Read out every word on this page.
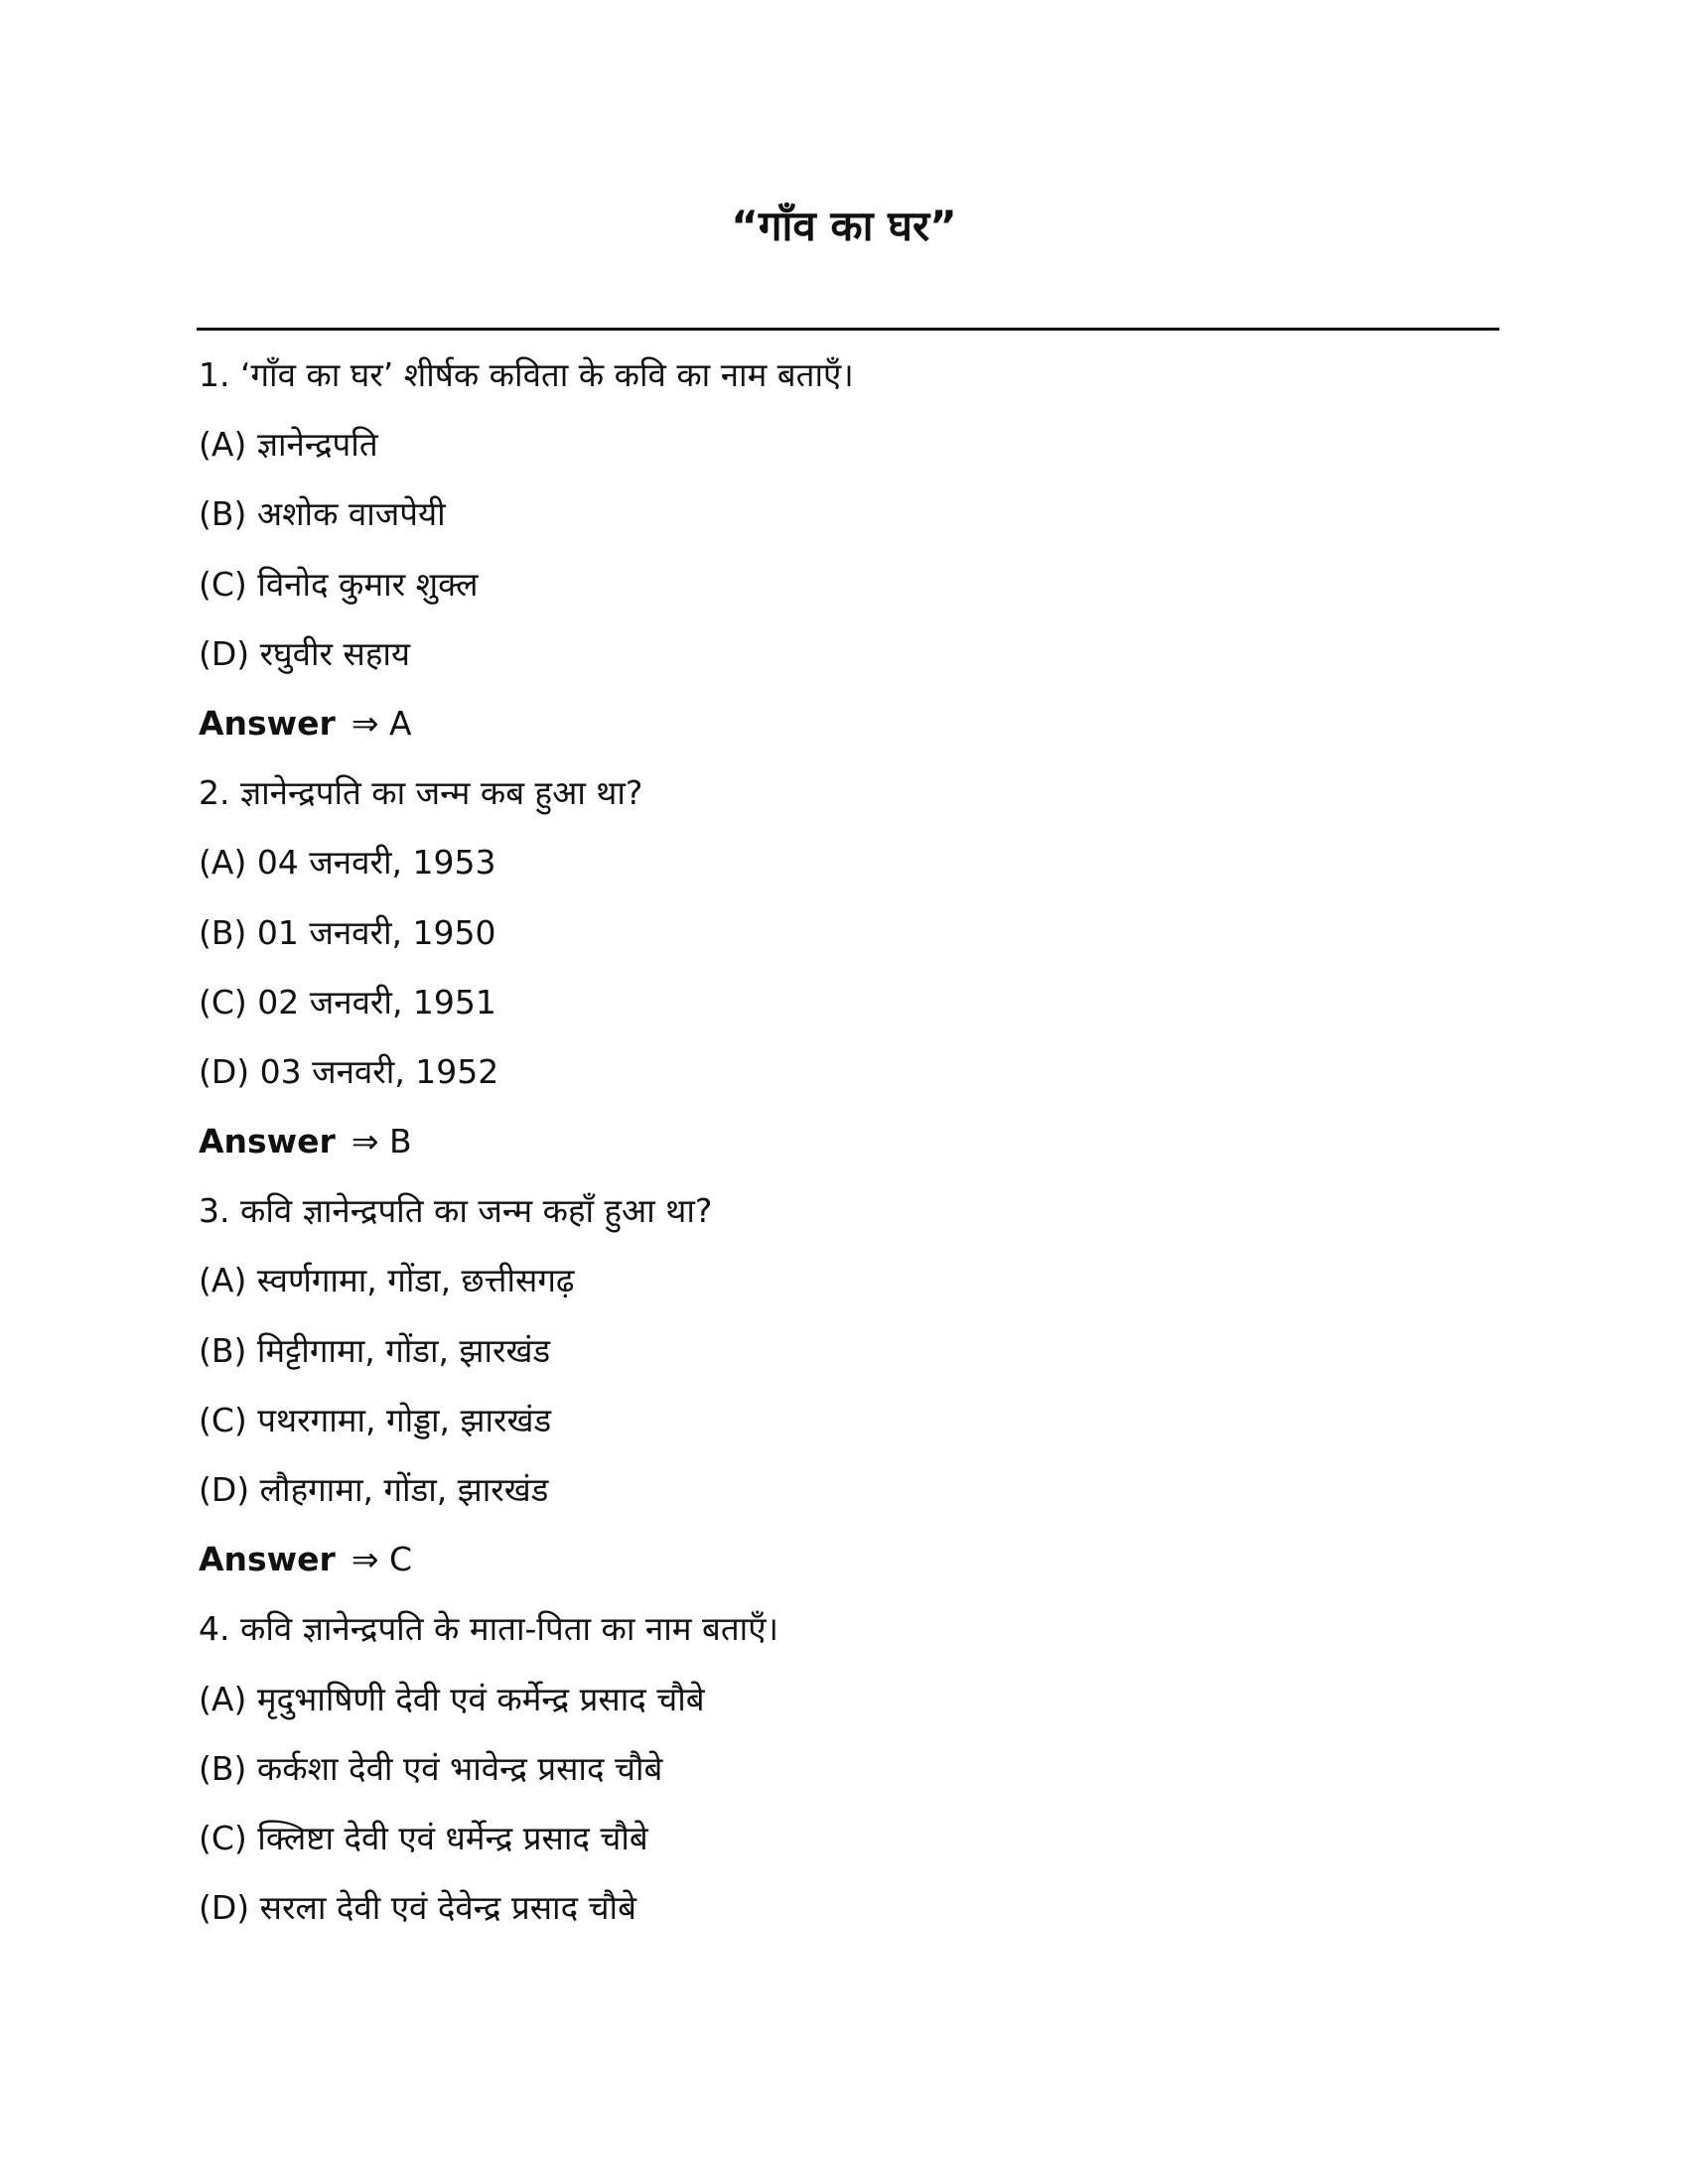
“गाँव का घर”
1. ‘गाँव का घर’ शीर्षक कविता के कवि का नाम बताएँ।
(A) ज्ञानेन्द्रपति
(B) अशोक वाजपेयी
(C) विनोद कुमार शुक्ल
(D) रघुवीर सहाय
Answer ⇒ A
2. ज्ञानेन्द्रपति का जन्म कब हुआ था?
(A) 04 जनवरी, 1953
(B) 01 जनवरी, 1950
(C) 02 जनवरी, 1951
(D) 03 जनवरी, 1952
Answer ⇒ B
3. कवि ज्ञानेन्द्रपति का जन्म कहाँ हुआ था?
(A) स्वर्णगामा, गोंडा, छत्तीसगढ़
(B) मिट्टीगामा, गोंडा, झारखंड
(C) पथरगामा, गोड्डा, झारखंड
(D) लौहगामा, गोंडा, झारखंड
Answer ⇒ C
4. कवि ज्ञानेन्द्रपति के माता-पिता का नाम बताएँ।
(A) मृदुभाषिणी देवी एवं कर्मेन्द्र प्रसाद चौबे
(B) कर्कशा देवी एवं भावेन्द्र प्रसाद चौबे
(C) क्लिष्टा देवी एवं धर्मेन्द्र प्रसाद चौबे
(D) सरला देवी एवं देवेन्द्र प्रसाद चौबे
